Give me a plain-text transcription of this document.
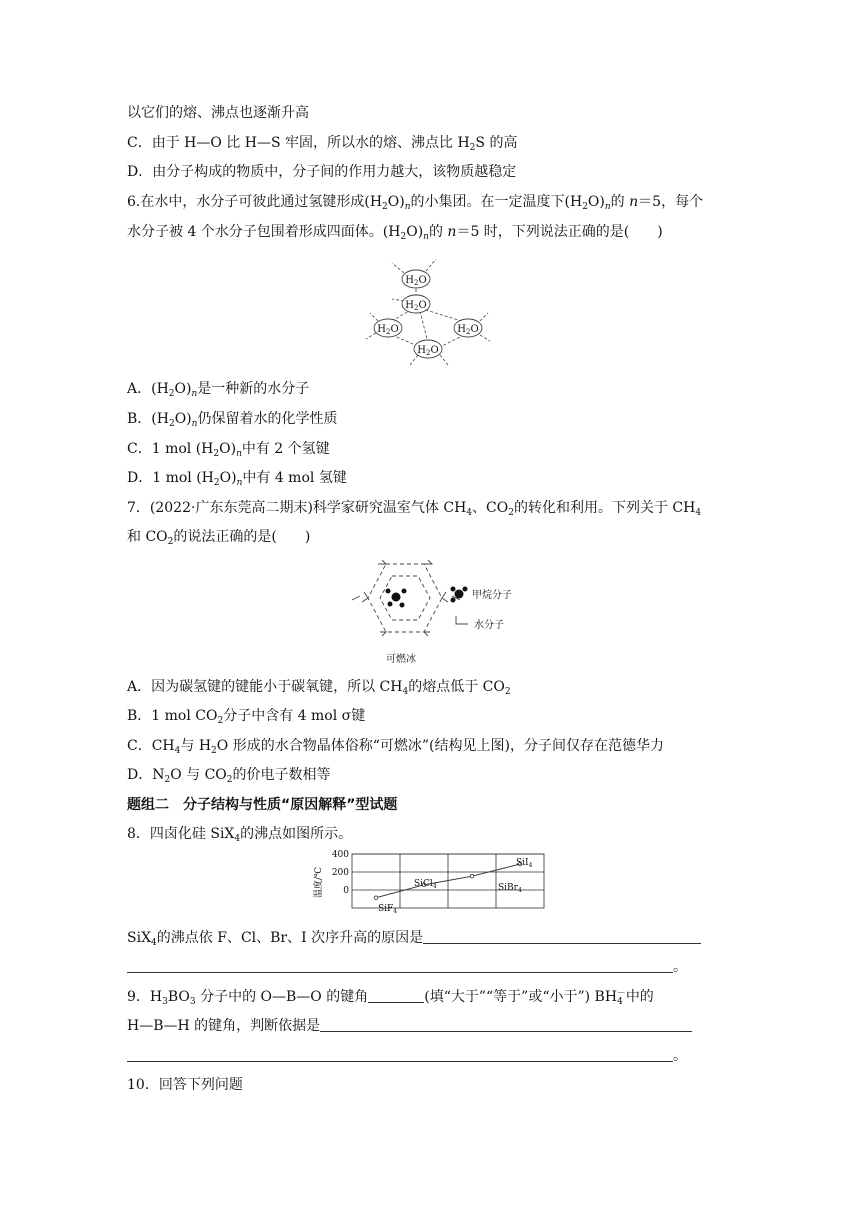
以它们的熔、沸点也逐渐升高
C．由于 H—O 比 H—S 牢固，所以水的熔、沸点比 $H_2S$ 的高
D．由分子构成的物质中，分子间的作用力越大，该物质越稳定
6.在水中，水分子可彼此通过氢键形成$(H_2O)_n$的小集团。在一定温度下$(H_2O)_n$的 n＝5，每个
水分子被 4 个水分子包围着形成四面体。$(H_2O)_n$的 n＝5 时，下列说法正确的是(　　)
$H_2O$
$H_2O$
$H_2O$	$H_2O$
$H_2O$
A．$(H_2O)_n$是一种新的水分子
B．$(H_2O)_n$仍保留着水的化学性质
C．1 mol $(H_2O)_n$中有 2 个氢键
D．1 mol $(H_2O)_n$中有 4 mol 氢键
7．(2022·广东东莞高二期末)科学家研究温室气体 $CH_4$、$CO_2$的转化和利用。下列关于 $CH_4$
和 $CO_2$的说法正确的是(　　)
甲烷分子
水分子
可燃冰
A．因为碳氢键的键能小于碳氧键，所以 $CH_4$的熔点低于 $CO_2$
B．1 mol $CO_2$分子中含有 4 mol σ键
C．$CH_4$与 $H_2O$ 形成的水合物晶体俗称“可燃冰”(结构见上图)，分子间仅存在范德华力
D．$N_2O$ 与 $CO_2$的价电子数相等
题组二　分子结构与性质“原因解释”型试题
8．四卤化硅 SiX$_4$的沸点如图所示。
温度/℃
400
200
0
SiF$_4$
SiCl$_4$	SiBr$_4$
SiI$_4$
SiX$_4$的沸点依 F、Cl、Br、I 次序升高的原因是
。
9．$H_3BO_3$ 分子中的 O—B—O 的键角	(填“大于”“等于”或“小于”) $BH_4^-$中的
H—B—H 的键角，判断依据是
。
10．回答下列问题
